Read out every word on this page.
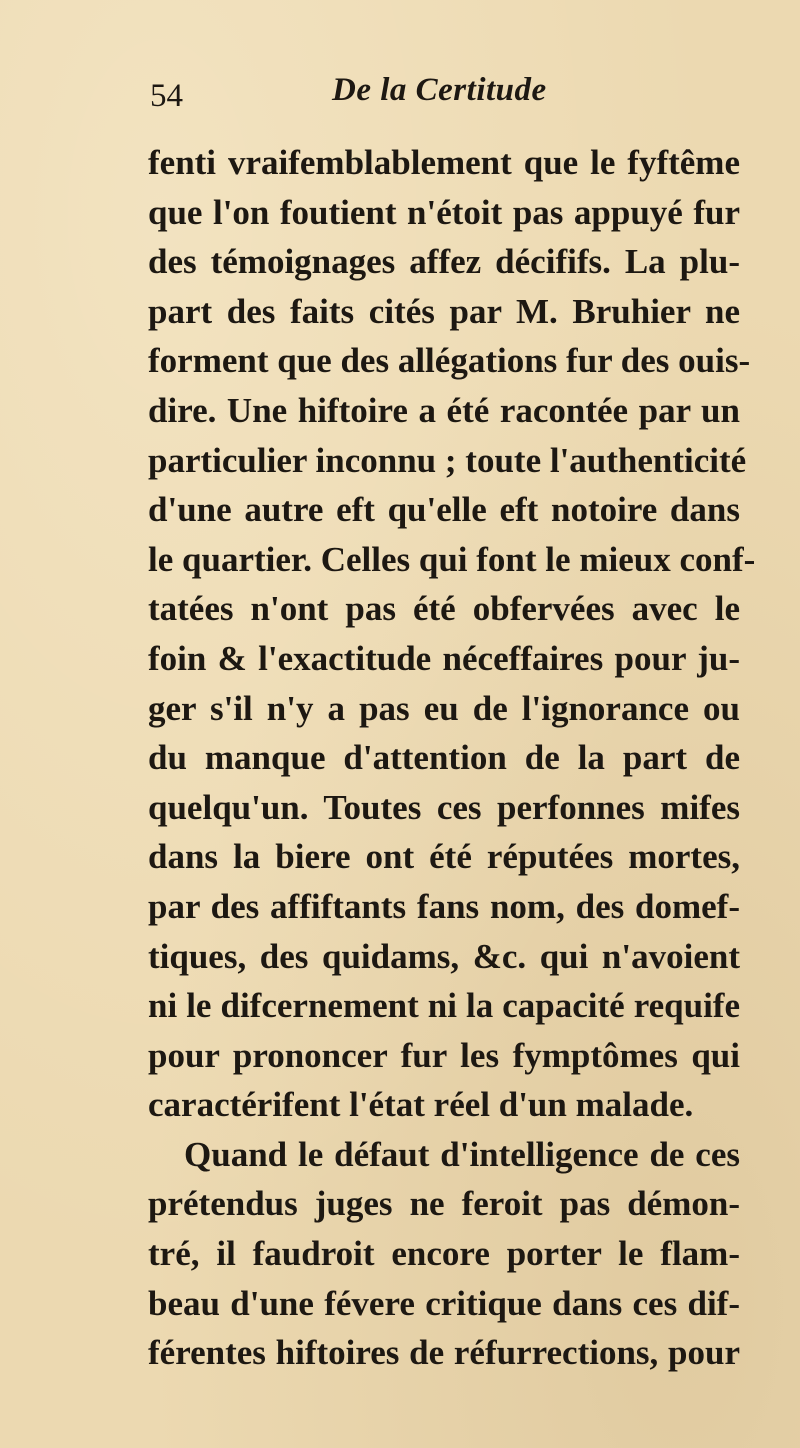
54	De la Certitude
fenti vraifemblablement que le fyftême
que l'on foutient n'étoit pas appuyé fur
des témoignages affez décififs. La plu-
part des faits cités par M. Bruhier ne
forment que des allégations fur des ouis-
dire. Une hiftoire a été racontée par un
particulier inconnu ; toute l'authenticité
d'une autre eft qu'elle eft notoire dans
le quartier. Celles qui font le mieux conf-
tatées n'ont pas été obfervées avec le
foin & l'exactitude néceffaires pour ju-
ger s'il n'y a pas eu de l'ignorance ou
du manque d'attention de la part de
quelqu'un. Toutes ces perfonnes mifes
dans la biere ont été réputées mortes,
par des affiftants fans nom, des domef-
tiques, des quidams, &c. qui n'avoient
ni le difcernement ni la capacité requife
pour prononcer fur les fymptômes qui
caractérifent l'état réel d'un malade.
Quand le défaut d'intelligence de ces
prétendus juges ne feroit pas démon-
tré, il faudroit encore porter le flam-
beau d'une févere critique dans ces dif-
férentes hiftoires de réfurrections, pour
